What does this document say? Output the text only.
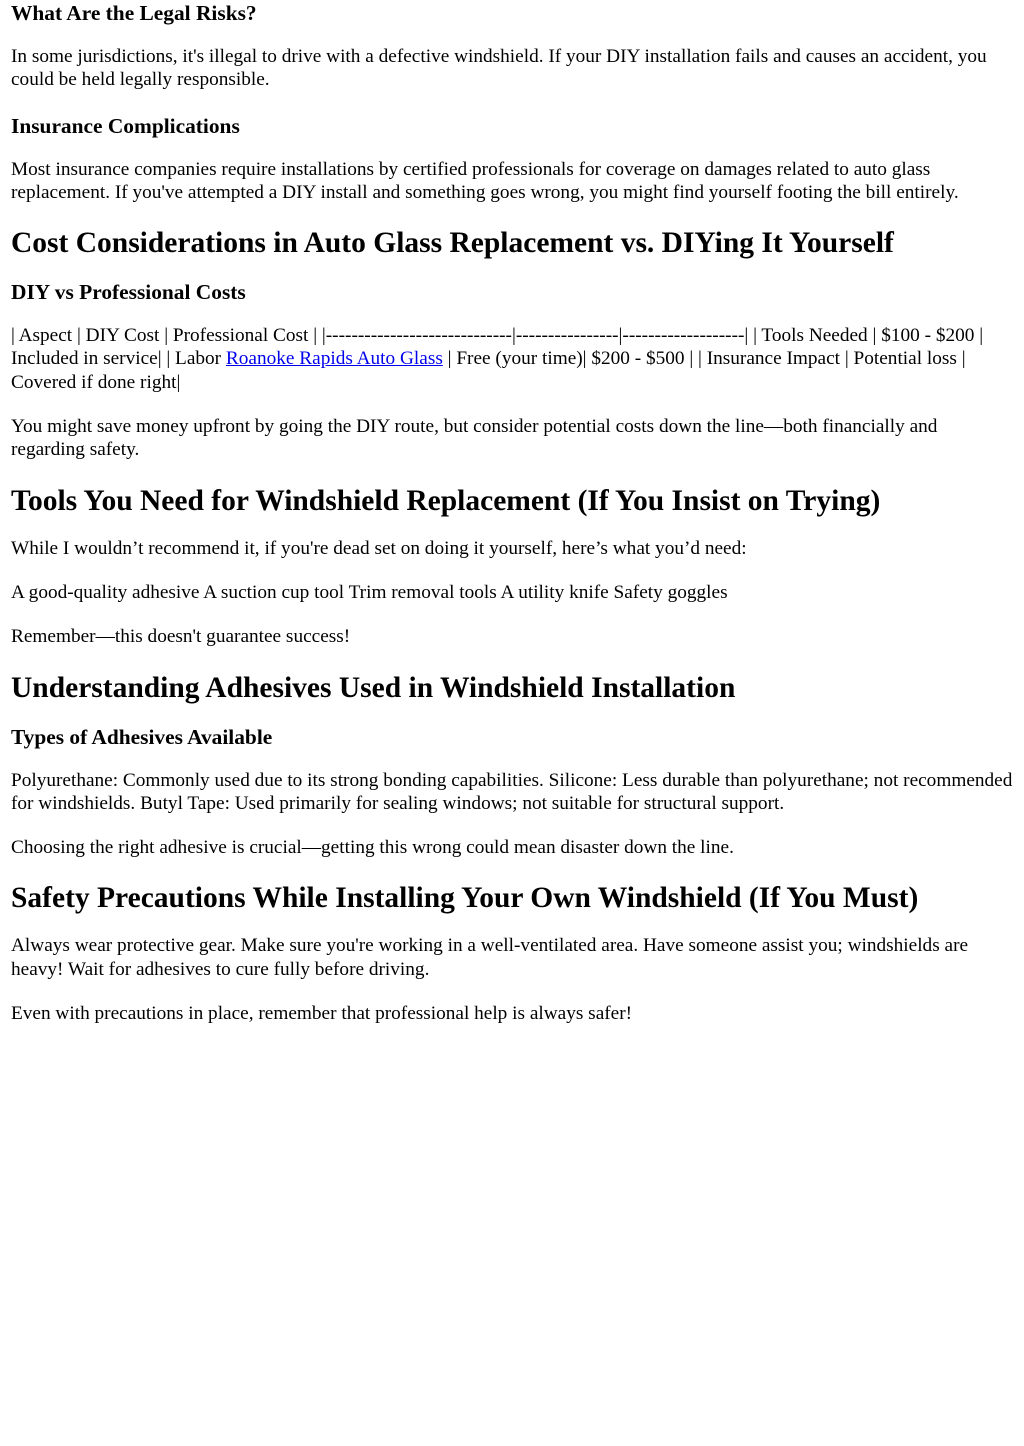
What Are the Legal Risks?

In some jurisdictions, it's illegal to drive with a defective windshield. If your DIY installation fails and causes an accident, you could be held legally responsible.

Insurance Complications

Most insurance companies require installations by certified professionals for coverage on damages related to auto glass replacement. If you've attempted a DIY install and something goes wrong, you might find yourself footing the bill entirely.

Cost Considerations in Auto Glass Replacement vs. DIYing It Yourself
DIY vs Professional Costs

| Aspect | DIY Cost | Professional Cost | |-----------------------------|----------------|-------------------| | Tools Needed | $100 - $200 | Included in service| | Labor Roanoke Rapids Auto Glass | Free (your time)| $200 - $500 | | Insurance Impact | Potential loss | Covered if done right|

You might save money upfront by going the DIY route, but consider potential costs down the line—both financially and regarding safety.

Tools You Need for Windshield Replacement (If You Insist on Trying)

While I wouldn’t recommend it, if you're dead set on doing it yourself, here’s what you’d need:

A good-quality adhesive A suction cup tool Trim removal tools A utility knife Safety goggles

Remember—this doesn't guarantee success!

Understanding Adhesives Used in Windshield Installation
Types of Adhesives Available

Polyurethane: Commonly used due to its strong bonding capabilities. Silicone: Less durable than polyurethane; not recommended for windshields. Butyl Tape: Used primarily for sealing windows; not suitable for structural support.

Choosing the right adhesive is crucial—getting this wrong could mean disaster down the line.

Safety Precautions While Installing Your Own Windshield (If You Must)

Always wear protective gear. Make sure you're working in a well-ventilated area. Have someone assist you; windshields are heavy! Wait for adhesives to cure fully before driving.

Even with precautions in place, remember that professional help is always safer!
